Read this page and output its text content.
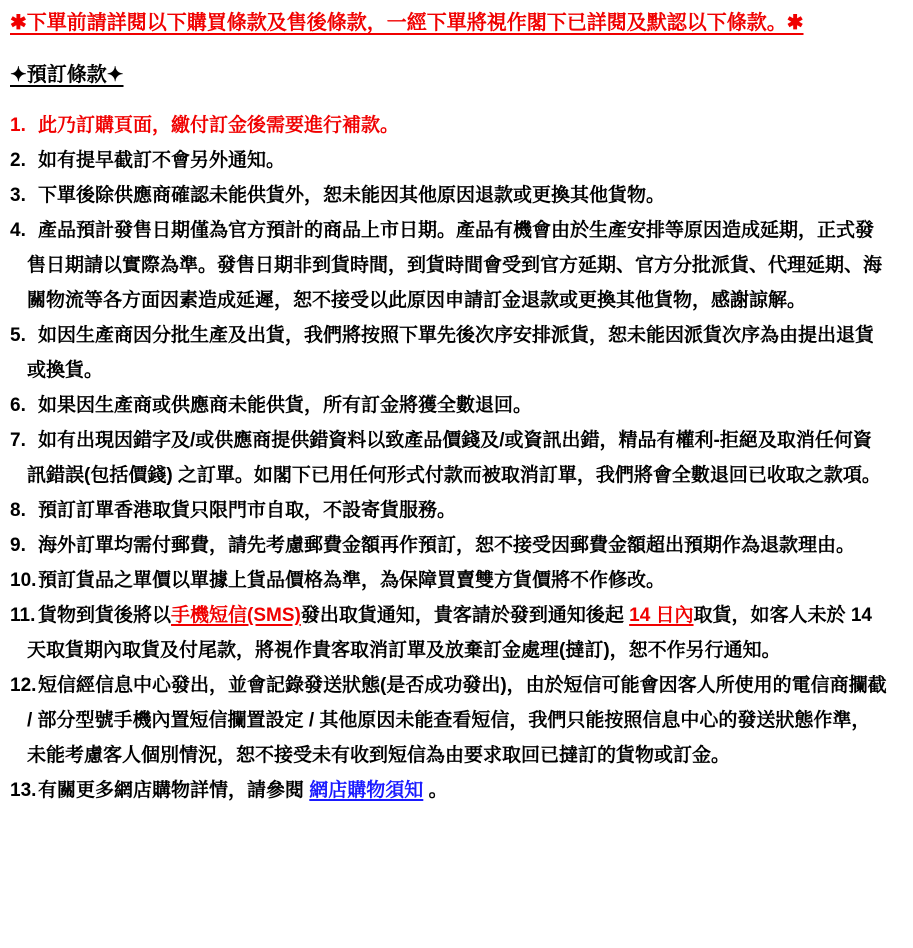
✱下單前請詳閱以下購買條款及售後條款，一經下單將視作閣下已詳閱及默認以下條款。✱
✦預訂條款✦
1. 此乃訂購頁面，繳付訂金後需要進行補款。
2. 如有提早截訂不會另外通知。
3. 下單後除供應商確認未能供貨外，恕未能因其他原因退款或更換其他貨物。
4. 產品預計發售日期僅為官方預計的商品上市日期。產品有機會由於生產安排等原因造成延期，正式發售日期請以實際為準。發售日期非到貨時間，到貨時間會受到官方延期、官方分批派貨、代理延期、海關物流等各方面因素造成延遲，恕不接受以此原因申請訂金退款或更換其他貨物，感謝諒解。
5. 如因生產商因分批生產及出貨，我們將按照下單先後次序安排派貨，恕未能因派貨次序為由提出退貨或換貨。
6. 如果因生產商或供應商未能供貨，所有訂金將獲全數退回。
7. 如有出現因錯字及/或供應商提供錯資料以致產品價錢及/或資訊出錯，精品有權利-拒絕及取消任何資訊錯誤(包括價錢) 之訂單。如閣下已用任何形式付款而被取消訂單，我們將會全數退回已收取之款項。
8. 預訂訂單香港取貨只限門市自取，不設寄貨服務。
9. 海外訂單均需付郵費，請先考慮郵費金額再作預訂，恕不接受因郵費金額超出預期作為退款理由。
10.預訂貨品之單價以單據上貨品價格為準，為保障買賣雙方貨價將不作修改。
11. 貨物到貨後將以手機短信(SMS)發出取貨通知，貴客請於發到通知後起 14 日內取貨，如客人未於 14 天取貨期內取貨及付尾款，將視作貴客取消訂單及放棄訂金處理(撻訂)，恕不作另行通知。
12.短信經信息中心發出，並會記錄發送狀態(是否成功發出)，由於短信可能會因客人所使用的電信商攔截 / 部分型號手機內置短信攔置設定 / 其他原因未能查看短信，我們只能按照信息中心的發送狀態作準，未能考慮客人個別情況，恕不接受未有收到短信為由要求取回已撻訂的貨物或訂金。
13.有關更多網店購物詳情，請參閱 網店購物須知 。
